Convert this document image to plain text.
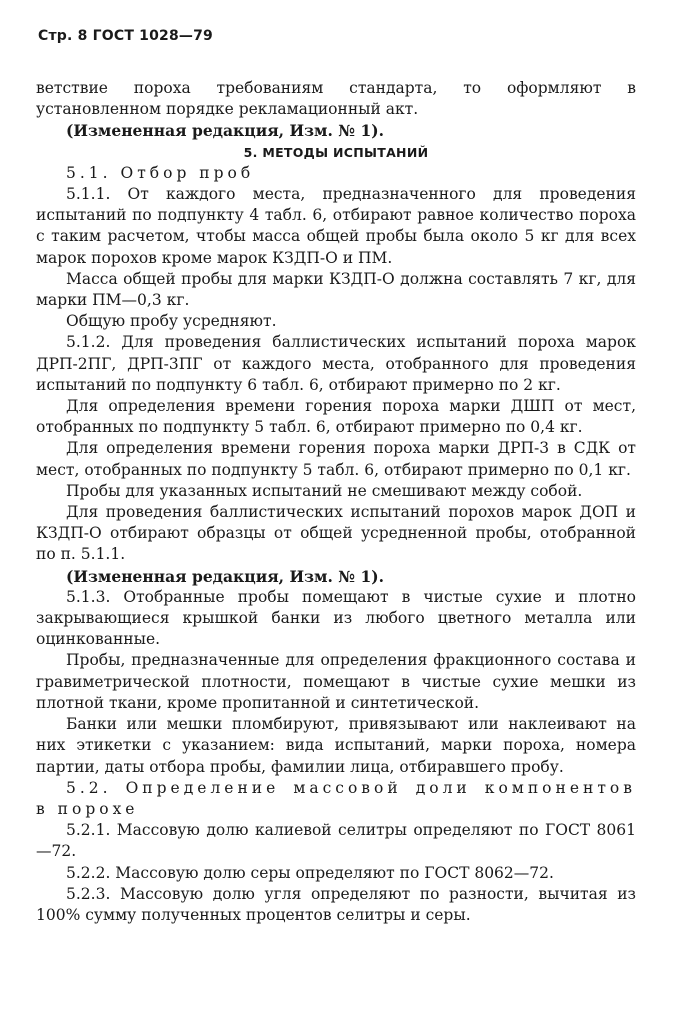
Стр. 8 ГОСТ 1028—79

ветствие пороха требованиям стандарта, то оформляют в установленном порядке рекламационный акт.

(Измененная редакция, Изм. № 1).

5. МЕТОДЫ ИСПЫТАНИЙ

5.1. Отбор проб

5.1.1. От каждого места, предназначенного для проведения испытаний по подпункту 4 табл. 6, отбирают равное количество пороха с таким расчетом, чтобы масса общей пробы была около 5 кг для всех марок порохов кроме марок КЗДП-О и ПМ.

Масса общей пробы для марки КЗДП-О должна составлять 7 кг, для марки ПМ—0,3 кг.

Общую пробу усредняют.

5.1.2. Для проведения баллистических испытаний пороха марок ДРП-2ПГ, ДРП-3ПГ от каждого места, отобранного для проведения испытаний по подпункту 6 табл. 6, отбирают примерно по 2 кг.

Для определения времени горения пороха марки ДШП от мест, отобранных по подпункту 5 табл. 6, отбирают примерно по 0,4 кг.

Для определения времени горения пороха марки ДРП-3 в СДК от мест, отобранных по подпункту 5 табл. 6, отбирают примерно по 0,1 кг.

Пробы для указанных испытаний не смешивают между собой.

Для проведения баллистических испытаний порохов марок ДОП и КЗДП-О отбирают образцы от общей усредненной пробы, отобранной по п. 5.1.1.

(Измененная редакция, Изм. № 1).

5.1.3. Отобранные пробы помещают в чистые сухие и плотно закрывающиеся крышкой банки из любого цветного металла или оцинкованные.

Пробы, предназначенные для определения фракционного состава и гравиметрической плотности, помещают в чистые сухие мешки из плотной ткани, кроме пропитанной и синтетической.

Банки или мешки пломбируют, привязывают или наклеивают на них этикетки с указанием: вида испытаний, марки пороха, номера партии, даты отбора пробы, фамилии лица, отбиравшего пробу.

5.2. Определение массовой доли компонентов в порохе

5.2.1. Массовую долю калиевой селитры определяют по ГОСТ 8061—72.

5.2.2. Массовую долю серы определяют по ГОСТ 8062—72.

5.2.3. Массовую долю угля определяют по разности, вычитая из 100% сумму полученных процентов селитры и серы.
